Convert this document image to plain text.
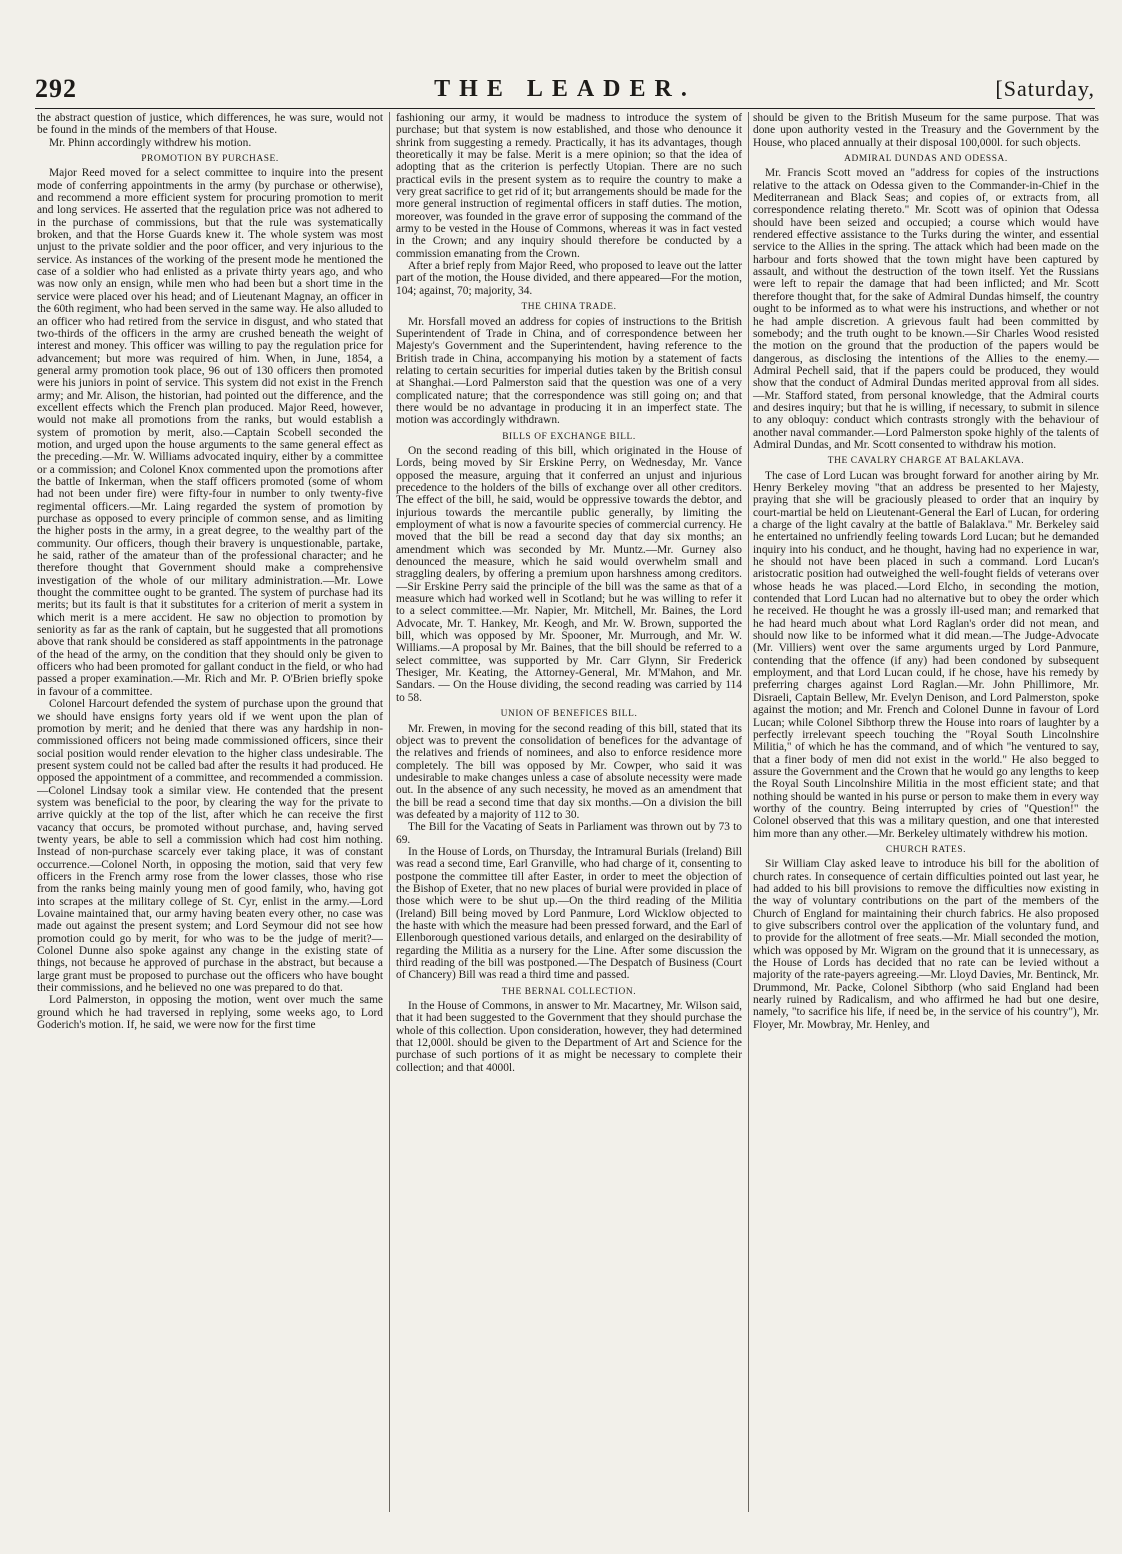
292	THE LEADER.	[Saturday,

the abstract question of justice, which differences, he was sure, would not be found in the minds of the members of that House.

Mr. Phinn accordingly withdrew his motion.

PROMOTION BY PURCHASE.

Major Reed moved for a select committee to inquire into the present mode of conferring appointments in the army (by purchase or otherwise), and recommend a more efficient system for procuring promotion to merit and long services. He asserted that the regulation price was not adhered to in the purchase of commissions, but that the rule was systematically broken, and that the Horse Guards knew it. The whole system was most unjust to the private soldier and the poor officer, and very injurious to the service. As instances of the working of the present mode he mentioned the case of a soldier who had enlisted as a private thirty years ago, and who was now only an ensign, while men who had been but a short time in the service were placed over his head; and of Lieutenant Magnay, an officer in the 60th regiment, who had been served in the same way. He also alluded to an officer who had retired from the service in disgust, and who stated that two-thirds of the officers in the army are crushed beneath the weight of interest and money. This officer was willing to pay the regulation price for advancement; but more was required of him. When, in June, 1854, a general army promotion took place, 96 out of 130 officers then promoted were his juniors in point of service. This system did not exist in the French army; and Mr. Alison, the historian, had pointed out the difference, and the excellent effects which the French plan produced. Major Reed, however, would not make all promotions from the ranks, but would establish a system of promotion by merit, also.—Captain Scobell seconded the motion, and urged upon the house arguments to the same general effect as the preceding.—Mr. W. Williams advocated inquiry, either by a committee or a commission; and Colonel Knox commented upon the promotions after the battle of Inkerman, when the staff officers promoted (some of whom had not been under fire) were fifty-four in number to only twenty-five regimental officers.—Mr. Laing regarded the system of promotion by purchase as opposed to every principle of common sense, and as limiting the higher posts in the army, in a great degree, to the wealthy part of the community. Our officers, though their bravery is unquestionable, partake, he said, rather of the amateur than of the professional character; and he therefore thought that Government should make a comprehensive investigation of the whole of our military administration.—Mr. Lowe thought the committee ought to be granted. The system of purchase had its merits; but its fault is that it substitutes for a criterion of merit a system in which merit is a mere accident. He saw no objection to promotion by seniority as far as the rank of captain, but he suggested that all promotions above that rank should be considered as staff appointments in the patronage of the head of the army, on the condition that they should only be given to officers who had been promoted for gallant conduct in the field, or who had passed a proper examination.—Mr. Rich and Mr. P. O'Brien briefly spoke in favour of a committee.

Colonel Harcourt defended the system of purchase upon the ground that we should have ensigns forty years old if we went upon the plan of promotion by merit; and he denied that there was any hardship in non-commissioned officers not being made commissioned officers, since their social position would render elevation to the higher class undesirable. The present system could not be called bad after the results it had produced. He opposed the appointment of a committee, and recommended a commission.—Colonel Lindsay took a similar view. He contended that the present system was beneficial to the poor, by clearing the way for the private to arrive quickly at the top of the list, after which he can receive the first vacancy that occurs, be promoted without purchase, and, having served twenty years, be able to sell a commission which had cost him nothing. Instead of non-purchase scarcely ever taking place, it was of constant occurrence.—Colonel North, in opposing the motion, said that very few officers in the French army rose from the lower classes, those who rise from the ranks being mainly young men of good family, who, having got into scrapes at the military college of St. Cyr, enlist in the army.—Lord Lovaine maintained that, our army having beaten every other, no case was made out against the present system; and Lord Seymour did not see how promotion could go by merit, for who was to be the judge of merit?—Colonel Dunne also spoke against any change in the existing state of things, not because he approved of purchase in the abstract, but because a large grant must be proposed to purchase out the officers who have bought their commissions, and he believed no one was prepared to do that.

Lord Palmerston, in opposing the motion, went over much the same ground which he had traversed in replying, some weeks ago, to Lord Goderich's motion. If, he said, we were now for the first time

fashioning our army, it would be madness to introduce the system of purchase; but that system is now established, and those who denounce it shrink from suggesting a remedy. Practically, it has its advantages, though theoretically it may be false. Merit is a mere opinion; so that the idea of adopting that as the criterion is perfectly Utopian. There are no such practical evils in the present system as to require the country to make a very great sacrifice to get rid of it; but arrangements should be made for the more general instruction of regimental officers in staff duties. The motion, moreover, was founded in the grave error of supposing the command of the army to be vested in the House of Commons, whereas it was in fact vested in the Crown; and any inquiry should therefore be conducted by a commission emanating from the Crown.

After a brief reply from Major Reed, who proposed to leave out the latter part of the motion, the House divided, and there appeared—For the motion, 104; against, 70; majority, 34.

THE CHINA TRADE.

Mr. Horsfall moved an address for copies of instructions to the British Superintendent of Trade in China, and of correspondence between her Majesty's Government and the Superintendent, having reference to the British trade in China, accompanying his motion by a statement of facts relating to certain securities for imperial duties taken by the British consul at Shanghai.—Lord Palmerston said that the question was one of a very complicated nature; that the correspondence was still going on; and that there would be no advantage in producing it in an imperfect state. The motion was accordingly withdrawn.

BILLS OF EXCHANGE BILL.

On the second reading of this bill, which originated in the House of Lords, being moved by Sir Erskine Perry, on Wednesday, Mr. Vance opposed the measure, arguing that it conferred an unjust and injurious precedence to the holders of the bills of exchange over all other creditors. The effect of the bill, he said, would be oppressive towards the debtor, and injurious towards the mercantile public generally, by limiting the employment of what is now a favourite species of commercial currency. He moved that the bill be read a second day that day six months; an amendment which was seconded by Mr. Muntz.—Mr. Gurney also denounced the measure, which he said would overwhelm small and straggling dealers, by offering a premium upon harshness among creditors.—Sir Erskine Perry said the principle of the bill was the same as that of a measure which had worked well in Scotland; but he was willing to refer it to a select committee.—Mr. Napier, Mr. Mitchell, Mr. Baines, the Lord Advocate, Mr. T. Hankey, Mr. Keogh, and Mr. W. Brown, supported the bill, which was opposed by Mr. Spooner, Mr. Murrough, and Mr. W. Williams.—A proposal by Mr. Baines, that the bill should be referred to a select committee, was supported by Mr. Carr Glynn, Sir Frederick Thesiger, Mr. Keating, the Attorney-General, Mr. M'Mahon, and Mr. Sandars. — On the House dividing, the second reading was carried by 114 to 58.

UNION OF BENEFICES BILL.

Mr. Frewen, in moving for the second reading of this bill, stated that its object was to prevent the consolidation of benefices for the advantage of the relatives and friends of nominees, and also to enforce residence more completely. The bill was opposed by Mr. Cowper, who said it was undesirable to make changes unless a case of absolute necessity were made out. In the absence of any such necessity, he moved as an amendment that the bill be read a second time that day six months.—On a division the bill was defeated by a majority of 112 to 30.

The Bill for the Vacating of Seats in Parliament was thrown out by 73 to 69.

In the House of Lords, on Thursday, the Intramural Burials (Ireland) Bill was read a second time, Earl Granville, who had charge of it, consenting to postpone the committee till after Easter, in order to meet the objection of the Bishop of Exeter, that no new places of burial were provided in place of those which were to be shut up.—On the third reading of the Militia (Ireland) Bill being moved by Lord Panmure, Lord Wicklow objected to the haste with which the measure had been pressed forward, and the Earl of Ellenborough questioned various details, and enlarged on the desirability of regarding the Militia as a nursery for the Line. After some discussion the third reading of the bill was postponed.—The Despatch of Business (Court of Chancery) Bill was read a third time and passed.

THE BERNAL COLLECTION.

In the House of Commons, in answer to Mr. Macartney, Mr. Wilson said, that it had been suggested to the Government that they should purchase the whole of this collection. Upon consideration, however, they had determined that 12,000l. should be given to the Department of Art and Science for the purchase of such portions of it as might be necessary to complete their collection; and that 4000l.

should be given to the British Museum for the same purpose. That was done upon authority vested in the Treasury and the Government by the House, who placed annually at their disposal 100,000l. for such objects.

ADMIRAL DUNDAS AND ODESSA.

Mr. Francis Scott moved an "address for copies of the instructions relative to the attack on Odessa given to the Commander-in-Chief in the Mediterranean and Black Seas; and copies of, or extracts from, all correspondence relating thereto." Mr. Scott was of opinion that Odessa should have been seized and occupied; a course which would have rendered effective assistance to the Turks during the winter, and essential service to the Allies in the spring. The attack which had been made on the harbour and forts showed that the town might have been captured by assault, and without the destruction of the town itself. Yet the Russians were left to repair the damage that had been inflicted; and Mr. Scott therefore thought that, for the sake of Admiral Dundas himself, the country ought to be informed as to what were his instructions, and whether or not he had ample discretion. A grievous fault had been committed by somebody; and the truth ought to be known.—Sir Charles Wood resisted the motion on the ground that the production of the papers would be dangerous, as disclosing the intentions of the Allies to the enemy.—Admiral Pechell said, that if the papers could be produced, they would show that the conduct of Admiral Dundas merited approval from all sides.—Mr. Stafford stated, from personal knowledge, that the Admiral courts and desires inquiry; but that he is willing, if necessary, to submit in silence to any obloquy: conduct which contrasts strongly with the behaviour of another naval commander.—Lord Palmerston spoke highly of the talents of Admiral Dundas, and Mr. Scott consented to withdraw his motion.

THE CAVALRY CHARGE AT BALAKLAVA.

The case of Lord Lucan was brought forward for another airing by Mr. Henry Berkeley moving "that an address be presented to her Majesty, praying that she will be graciously pleased to order that an inquiry by court-martial be held on Lieutenant-General the Earl of Lucan, for ordering a charge of the light cavalry at the battle of Balaklava." Mr. Berkeley said he entertained no unfriendly feeling towards Lord Lucan; but he demanded inquiry into his conduct, and he thought, having had no experience in war, he should not have been placed in such a command. Lord Lucan's aristocratic position had outweighed the well-fought fields of veterans over whose heads he was placed.—Lord Elcho, in seconding the motion, contended that Lord Lucan had no alternative but to obey the order which he received. He thought he was a grossly ill-used man; and remarked that he had heard much about what Lord Raglan's order did not mean, and should now like to be informed what it did mean.—The Judge-Advocate (Mr. Villiers) went over the same arguments urged by Lord Panmure, contending that the offence (if any) had been condoned by subsequent employment, and that Lord Lucan could, if he chose, have his remedy by preferring charges against Lord Raglan.—Mr. John Phillimore, Mr. Disraeli, Captain Bellew, Mr. Evelyn Denison, and Lord Palmerston, spoke against the motion; and Mr. French and Colonel Dunne in favour of Lord Lucan; while Colonel Sibthorp threw the House into roars of laughter by a perfectly irrelevant speech touching the "Royal South Lincolnshire Militia," of which he has the command, and of which "he ventured to say, that a finer body of men did not exist in the world." He also begged to assure the Government and the Crown that he would go any lengths to keep the Royal South Lincolnshire Militia in the most efficient state; and that nothing should be wanted in his purse or person to make them in every way worthy of the country. Being interrupted by cries of "Question!" the Colonel observed that this was a military question, and one that interested him more than any other.—Mr. Berkeley ultimately withdrew his motion.

CHURCH RATES.

Sir William Clay asked leave to introduce his bill for the abolition of church rates. In consequence of certain difficulties pointed out last year, he had added to his bill provisions to remove the difficulties now existing in the way of voluntary contributions on the part of the members of the Church of England for maintaining their church fabrics. He also proposed to give subscribers control over the application of the voluntary fund, and to provide for the allotment of free seats.—Mr. Miall seconded the motion, which was opposed by Mr. Wigram on the ground that it is unnecessary, as the House of Lords has decided that no rate can be levied without a majority of the rate-payers agreeing.—Mr. Lloyd Davies, Mr. Bentinck, Mr. Drummond, Mr. Packe, Colonel Sibthorp (who said England had been nearly ruined by Radicalism, and who affirmed he had but one desire, namely, "to sacrifice his life, if need be, in the service of his country"), Mr. Floyer, Mr. Mowbray, Mr. Henley, and
